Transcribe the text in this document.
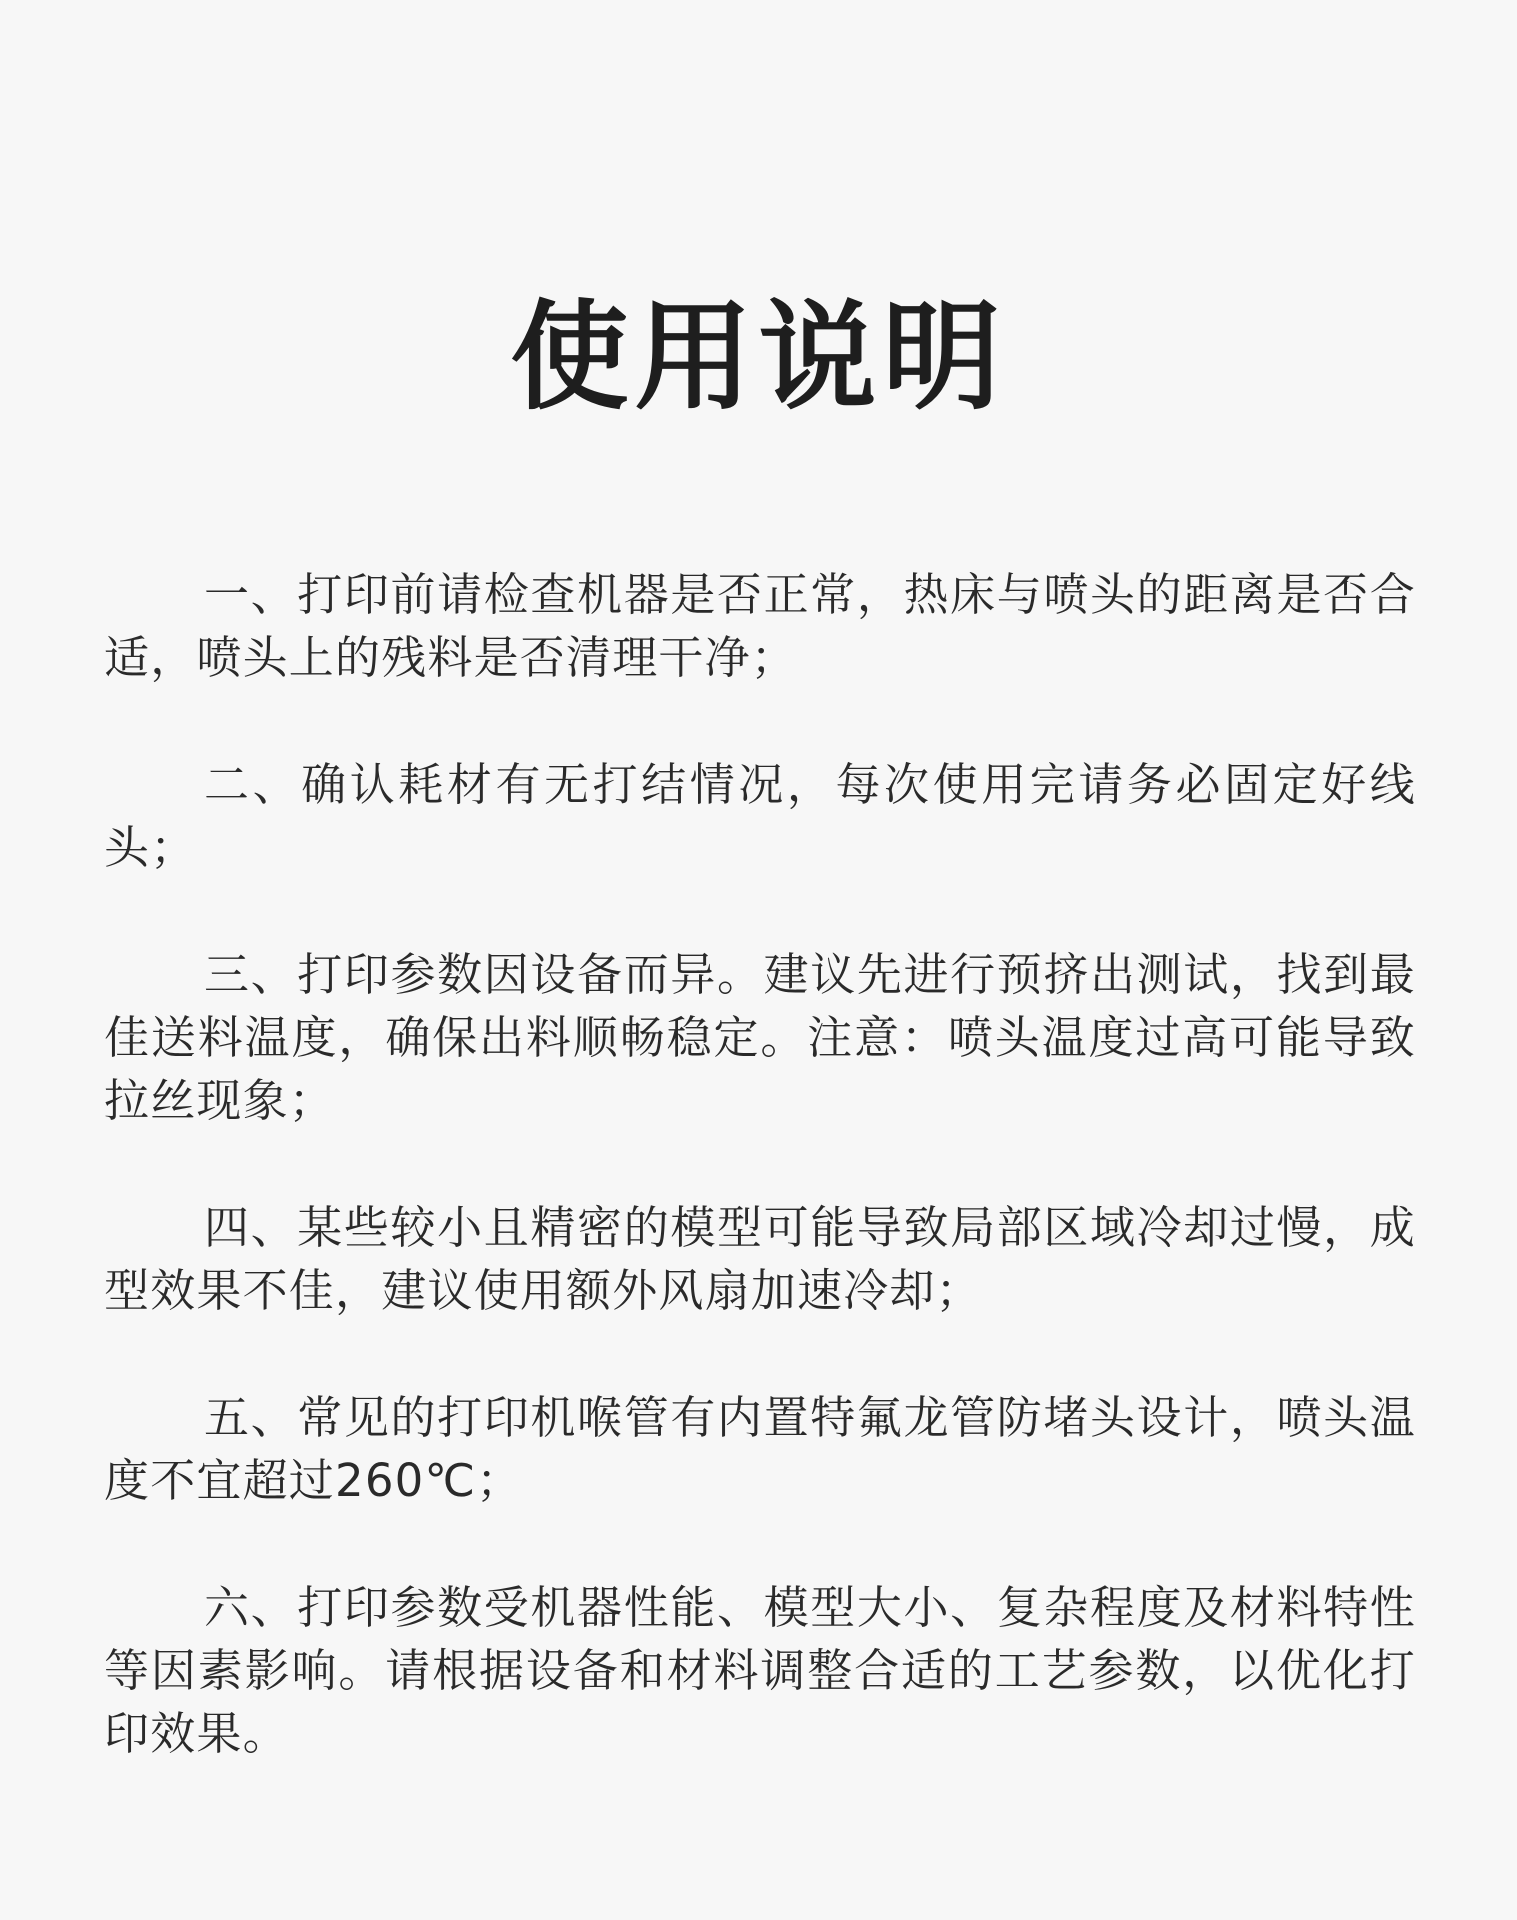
使用说明

一、打印前请检查机器是否正常，热床与喷头的距离是否合 适，喷头上的残料是否清理干净；

二、确认耗材有无打结情况，每次使用完请务必固定好线头；

三、打印参数因设备而异。建议先进行预挤出测试，找到最佳送料温度，确保出料顺畅稳定。注意：喷头温度过高可能导致拉丝现象；

四、某些较小且精密的模型可能导致局部区域冷却过慢，成型效果不佳，建议使用额外风扇加速冷却；

五、常见的打印机喉管有内置特氟龙管防堵头设计，喷头温度不宜超过260℃；

六、打印参数受机器性能、模型大小、复杂程度及材料特性等因素影响。请根据设备和材料调整合适的工艺参数，以优化打印效果。
